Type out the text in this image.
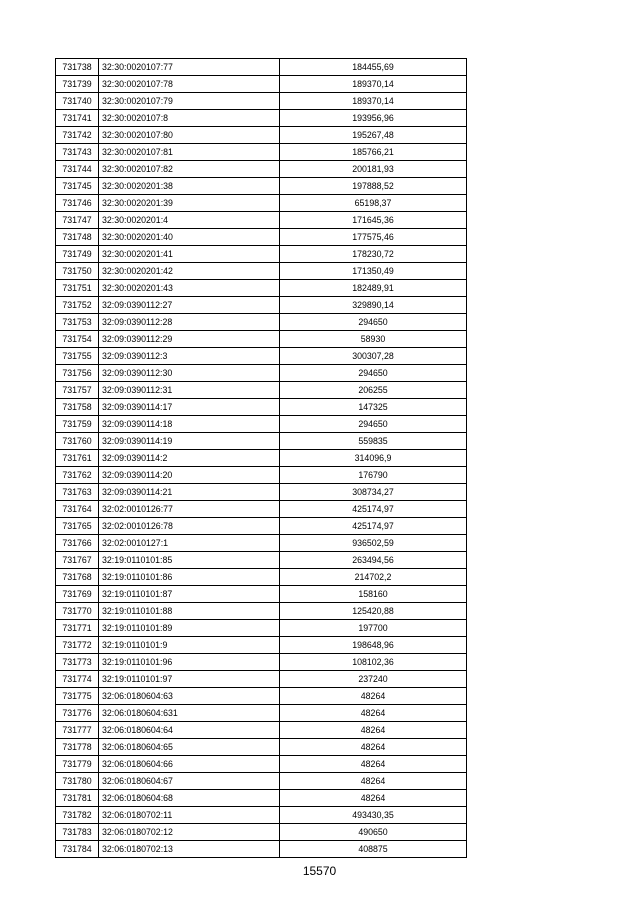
731738	32:30:0020107:77	184455,69
731739	32:30:0020107:78	189370,14
731740	32:30:0020107:79	189370,14
731741	32:30:0020107:8	193956,96
731742	32:30:0020107:80	195267,48
731743	32:30:0020107:81	185766,21
731744	32:30:0020107:82	200181,93
731745	32:30:0020201:38	197888,52
731746	32:30:0020201:39	65198,37
731747	32:30:0020201:4	171645,36
731748	32:30:0020201:40	177575,46
731749	32:30:0020201:41	178230,72
731750	32:30:0020201:42	171350,49
731751	32:30:0020201:43	182489,91
731752	32:09:0390112:27	329890,14
731753	32:09:0390112:28	294650
731754	32:09:0390112:29	58930
731755	32:09:0390112:3	300307,28
731756	32:09:0390112:30	294650
731757	32:09:0390112:31	206255
731758	32:09:0390114:17	147325
731759	32:09:0390114:18	294650
731760	32:09:0390114:19	559835
731761	32:09:0390114:2	314096,9
731762	32:09:0390114:20	176790
731763	32:09:0390114:21	308734,27
731764	32:02:0010126:77	425174,97
731765	32:02:0010126:78	425174,97
731766	32:02:0010127:1	936502,59
731767	32:19:0110101:85	263494,56
731768	32:19:0110101:86	214702,2
731769	32:19:0110101:87	158160
731770	32:19:0110101:88	125420,88
731771	32:19:0110101:89	197700
731772	32:19:0110101:9	198648,96
731773	32:19:0110101:96	108102,36
731774	32:19:0110101:97	237240
731775	32:06:0180604:63	48264
731776	32:06:0180604:631	48264
731777	32:06:0180604:64	48264
731778	32:06:0180604:65	48264
731779	32:06:0180604:66	48264
731780	32:06:0180604:67	48264
731781	32:06:0180604:68	48264
731782	32:06:0180702:11	493430,35
731783	32:06:0180702:12	490650
731784	32:06:0180702:13	408875
15570
